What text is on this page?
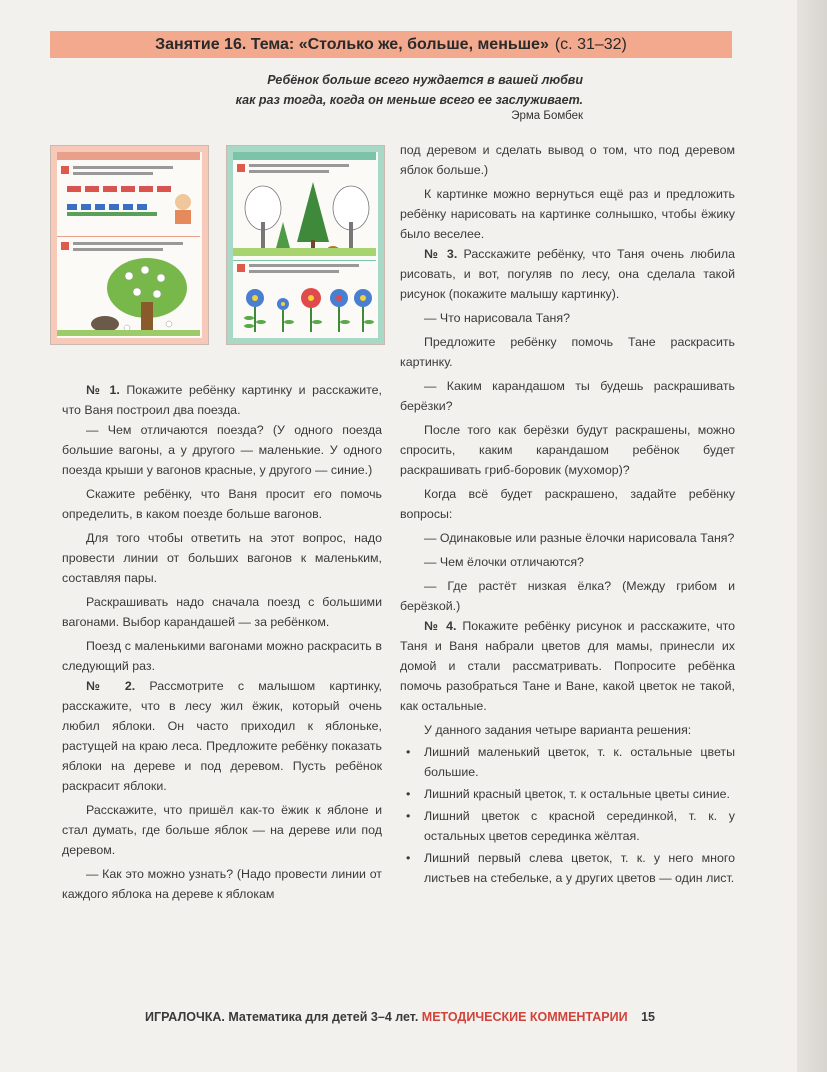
Занятие 16. Тема: «Столько же, больше, меньше» (с. 31–32)
Ребёнок больше всего нуждается в вашей любви
как раз тогда, когда он меньше всего ее заслуживает.
Эрма Бомбек

№ 1. Покажите ребёнку картинку и расскажите, что Ваня построил два поезда.

— Чем отличаются поезда? (У одного поезда большие вагоны, а у другого — маленькие. У одного поезда крыши у вагонов красные, у другого — синие.)

Скажите ребёнку, что Ваня просит его помочь определить, в каком поезде больше вагонов.

Для того чтобы ответить на этот вопрос, надо провести линии от больших вагонов к маленьким, составляя пары.

Раскрашивать надо сначала поезд с большими вагонами. Выбор карандашей — за ребёнком.

Поезд с маленькими вагонами можно раскрасить в следующий раз.

№ 2. Рассмотрите с малышом картинку, расскажите, что в лесу жил ёжик, который очень любил яблоки. Он часто приходил к яблоньке, растущей на краю леса. Предложите ребёнку показать яблоки на дереве и под деревом. Пусть ребёнок раскрасит яблоки.

Расскажите, что пришёл как-то ёжик к яблоне и стал думать, где больше яблок — на дереве или под деревом.

— Как это можно узнать? (Надо провести линии от каждого яблока на дереве к яблокам

под деревом и сделать вывод о том, что под деревом яблок больше.)

К картинке можно вернуться ещё раз и предложить ребёнку нарисовать на картинке солнышко, чтобы ёжику было веселее.

№ 3. Расскажите ребёнку, что Таня очень любила рисовать, и вот, погуляв по лесу, она сделала такой рисунок (покажите малышу картинку).

— Что нарисовала Таня?

Предложите ребёнку помочь Тане раскрасить картинку.

— Каким карандашом ты будешь раскрашивать берёзки?

После того как берёзки будут раскрашены, можно спросить, каким карандашом ребёнок будет раскрашивать гриб-боровик (мухомор)?

Когда всё будет раскрашено, задайте ребёнку вопросы:

— Одинаковые или разные ёлочки нарисовала Таня?

— Чем ёлочки отличаются?

— Где растёт низкая ёлка? (Между грибом и берёзкой.)

№ 4. Покажите ребёнку рисунок и расскажите, что Таня и Ваня набрали цветов для мамы, принесли их домой и стали рассматривать. Попросите ребёнка помочь разобраться Тане и Ване, какой цветок не такой, как остальные.

У данного задания четыре варианта решения:

• Лишний маленький цветок, т. к. остальные цветы большие.
• Лишний красный цветок, т. к остальные цветы синие.
• Лишний цветок с красной серединкой, т. к. у остальных цветов серединка жёлтая.
• Лишний первый слева цветок, т. к. у него много листьев на стебельке, а у других цветов — один лист.
ИГРАЛОЧКА. Математика для детей 3–4 лет. МЕТОДИЧЕСКИЕ КОММЕНТАРИИ 15
